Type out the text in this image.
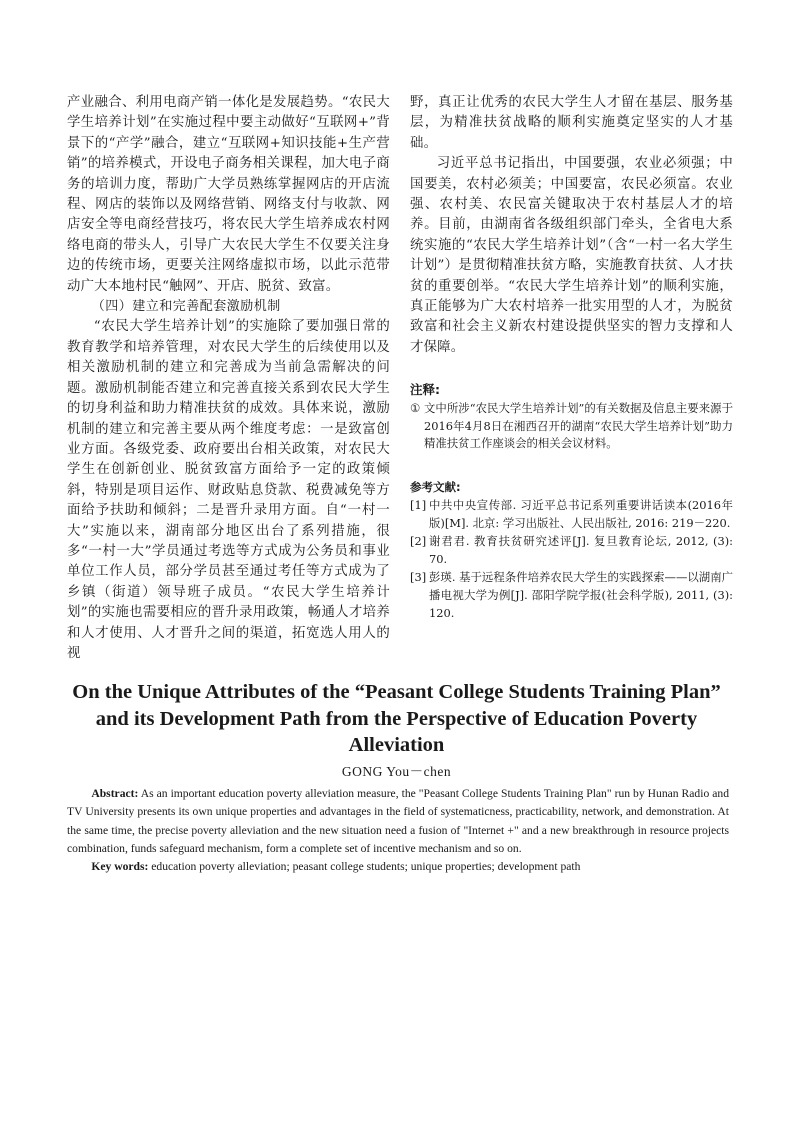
产业融合、利用电商产销一体化是发展趋势。“农民大学生培养计划”在实施过程中要主动做好“互联网+”背景下的“产学”融合，建立“互联网+知识技能+生产营销”的培养模式，开设电子商务相关课程，加大电子商务的培训力度，帮助广大学员熟练掌握网店的开店流程、网店的装饰以及网络营销、网络支付与收款、网店安全等电商经营技巧，将农民大学生培养成农村网络电商的带头人，引导广大农民大学生不仅要关注身边的传统市场，更要关注网络虚拟市场，以此示范带动广大本地村民“触网”、开店、脱贫、致富。

（四）建立和完善配套激励机制

“农民大学生培养计划”的实施除了要加强日常的教育教学和培养管理，对农民大学生的后续使用以及相关激励机制的建立和完善成为当前急需解决的问题。激励机制能否建立和完善直接关系到农民大学生的切身利益和助力精准扶贫的成效。具体来说，激励机制的建立和完善主要从两个维度考虑：一是致富创业方面。各级党委、政府要出台相关政策，对农民大学生在创新创业、脱贫致富方面给予一定的政策倾斜，特别是项目运作、财政贴息贷款、税费减免等方面给予扶助和倾斜；二是晋升录用方面。自“一村一大”实施以来，湖南部分地区出台了系列措施，很多“一村一大”学员通过考选等方式成为公务员和事业单位工作人员，部分学员甚至通过考任等方式成为了乡镇（街道）领导班子成员。“农民大学生培养计划”的实施也需要相应的晋升录用政策，畅通人才培养和人才使用、人才晋升之间的渠道，拓宽选人用人的视

野，真正让优秀的农民大学生人才留在基层、服务基层，为精准扶贫战略的顺利实施奠定坚实的人才基础。

习近平总书记指出，中国要强，农业必须强；中国要美，农村必须美；中国要富，农民必须富。农业强、农村美、农民富关键取决于农村基层人才的培养。目前，由湖南省各级组织部门牵头，全省电大系统实施的“农民大学生培养计划”（含“一村一名大学生计划”）是贯彻精准扶贫方略，实施教育扶贫、人才扶贫的重要创举。“农民大学生培养计划”的顺利实施，真正能够为广大农村培养一批实用型的人才，为脱贫致富和社会主义新农村建设提供坚实的智力支撑和人才保障。

注释:

① 文中所涉“农民大学生培养计划”的有关数据及信息主要来源于2016年4月8日在湘西召开的湖南“农民大学生培养计划”助力精准扶贫工作座谈会的相关会议材料。

参考文献:

[1] 中共中央宣传部. 习近平总书记系列重要讲话读本(2016年版)[M]. 北京: 学习出版社、人民出版社, 2016: 219－220.
[2] 谢君君. 教育扶贫研究述评[J]. 复旦教育论坛, 2012, (3): 70.
[3] 彭瑛. 基于远程条件培养农民大学生的实践探索——以湖南广播电视大学为例[J]. 邵阳学院学报(社会科学版), 2011, (3): 120.
On the Unique Attributes of the “Peasant College Students Training Plan” and its Development Path from the Perspective of Education Poverty Alleviation

GONG You－chen

Abstract: As an important education poverty alleviation measure, the "Peasant College Students Training Plan" run by Hunan Radio and TV University presents its own unique properties and advantages in the field of systematicness, practicability, network, and demonstration. At the same time, the precise poverty alleviation and the new situation need a fusion of "Internet +" and a new breakthrough in resource projects combination, funds safeguard mechanism, form a complete set of incentive mechanism and so on.

Key words: education poverty alleviation; peasant college students; unique properties; development path
